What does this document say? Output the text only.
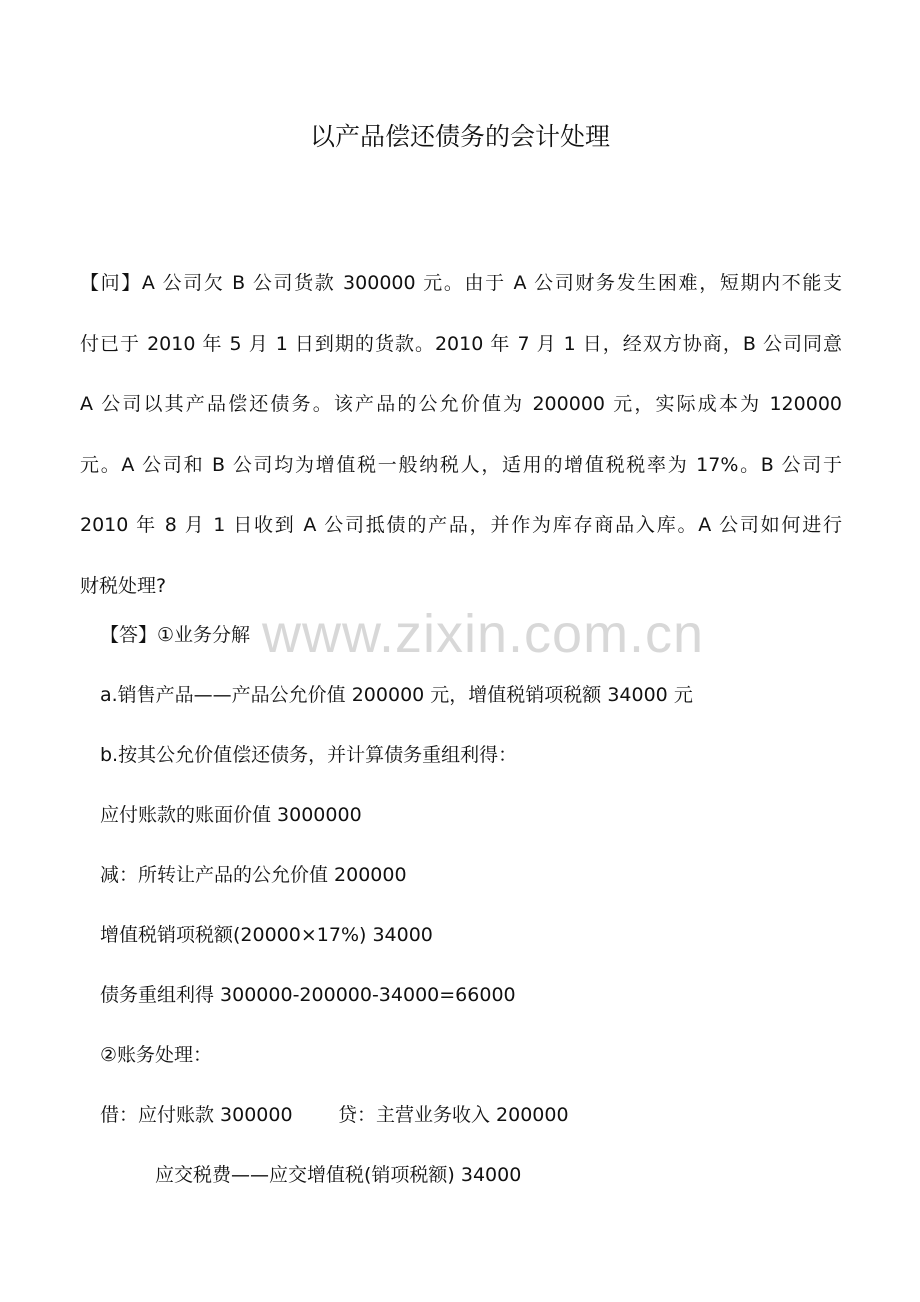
www.zixin.com.cn
以产品偿还债务的会计处理
【问】A 公司欠 B 公司货款 300000 元。由于 A 公司财务发生困难，短期内不能支
付已于 2010 年 5 月 1 日到期的货款。2010 年 7 月 1 日，经双方协商，B 公司同意
A 公司以其产品偿还债务。该产品的公允价值为 200000 元，实际成本为 120000
元。A 公司和 B 公司均为增值税一般纳税人，适用的增值税税率为 17%。B 公司于
2010 年 8 月 1 日收到 A 公司抵债的产品，并作为库存商品入库。A 公司如何进行
财税处理?
【答】①业务分解
a.销售产品——产品公允价值 200000 元，增值税销项税额 34000 元
b.按其公允价值偿还债务，并计算债务重组利得：
应付账款的账面价值 3000000
减：所转让产品的公允价值 200000
增值税销项税额(20000×17%) 34000
债务重组利得 300000-200000-34000=66000
②账务处理：
借：应付账款 300000 贷：主营业务收入 200000
应交税费——应交增值税(销项税额) 34000
